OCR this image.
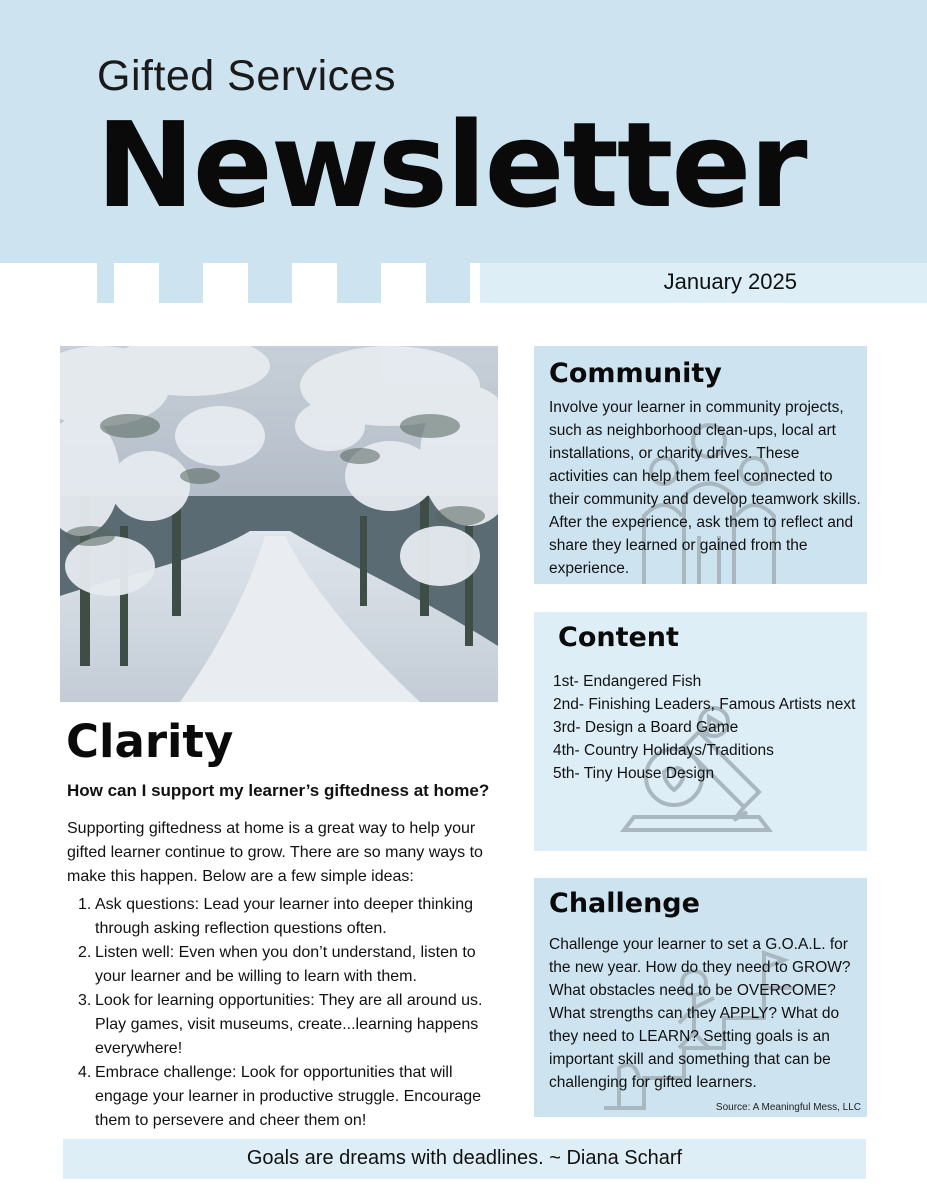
Gifted Services
Newsletter
January 2025
Clarity
How can I support my learner’s giftedness at home?
Supporting giftedness at home is a great way to help your gifted learner continue to grow. There are so many ways to make this happen. Below are a few simple ideas:
1. Ask questions: Lead your learner into deeper thinking through asking reflection questions often.
2. Listen well: Even when you don’t understand, listen to your learner and be willing to learn with them.
3. Look for learning opportunities: They are all around us. Play games, visit museums, create...learning happens everywhere!
4. Embrace challenge: Look for opportunities that will engage your learner in productive struggle. Encourage them to persevere and cheer them on!
Community
Involve your learner in community projects, such as neighborhood clean-ups, local art installations, or charity drives. These activities can help them feel connected to their community and develop teamwork skills. After the experience, ask them to reflect and share they learned or gained from the experience.
Content
1st- Endangered Fish
2nd- Finishing Leaders, Famous Artists next
3rd- Design a Board Game
4th- Country Holidays/Traditions
5th- Tiny House Design
Challenge
Challenge your learner to set a G.O.A.L. for the new year. How do they need to GROW? What obstacles need to be OVERCOME? What strengths can they APPLY? What do they need to LEARN? Setting goals is an important skill and something that can be challenging for gifted learners.
Source: A Meaningful Mess, LLC
Goals are dreams with deadlines. ~ Diana Scharf
